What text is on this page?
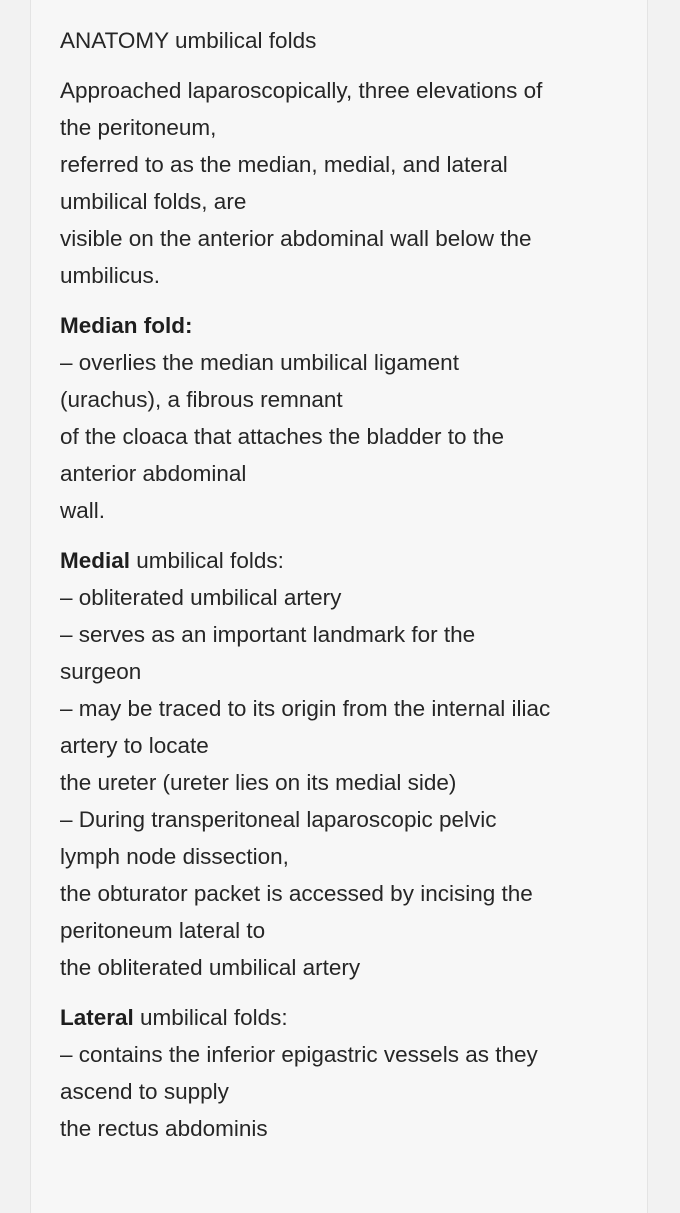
ANATOMY umbilical folds
Approached laparoscopically, three elevations of
the peritoneum,
referred to as the median, medial, and lateral
umbilical folds, are
visible on the anterior abdominal wall below the
umbilicus.
Median fold:
– overlies the median umbilical ligament
(urachus), a fibrous remnant
of the cloaca that attaches the bladder to the
anterior abdominal
wall.
Medial umbilical folds:
– obliterated umbilical artery
– serves as an important landmark for the
surgeon
– may be traced to its origin from the internal iliac
artery to locate
the ureter (ureter lies on its medial side)
– During transperitoneal laparoscopic pelvic
lymph node dissection,
the obturator packet is accessed by incising the
peritoneum lateral to
the obliterated umbilical artery
Lateral umbilical folds:
– contains the inferior epigastric vessels as they
ascend to supply
the rectus abdominis
